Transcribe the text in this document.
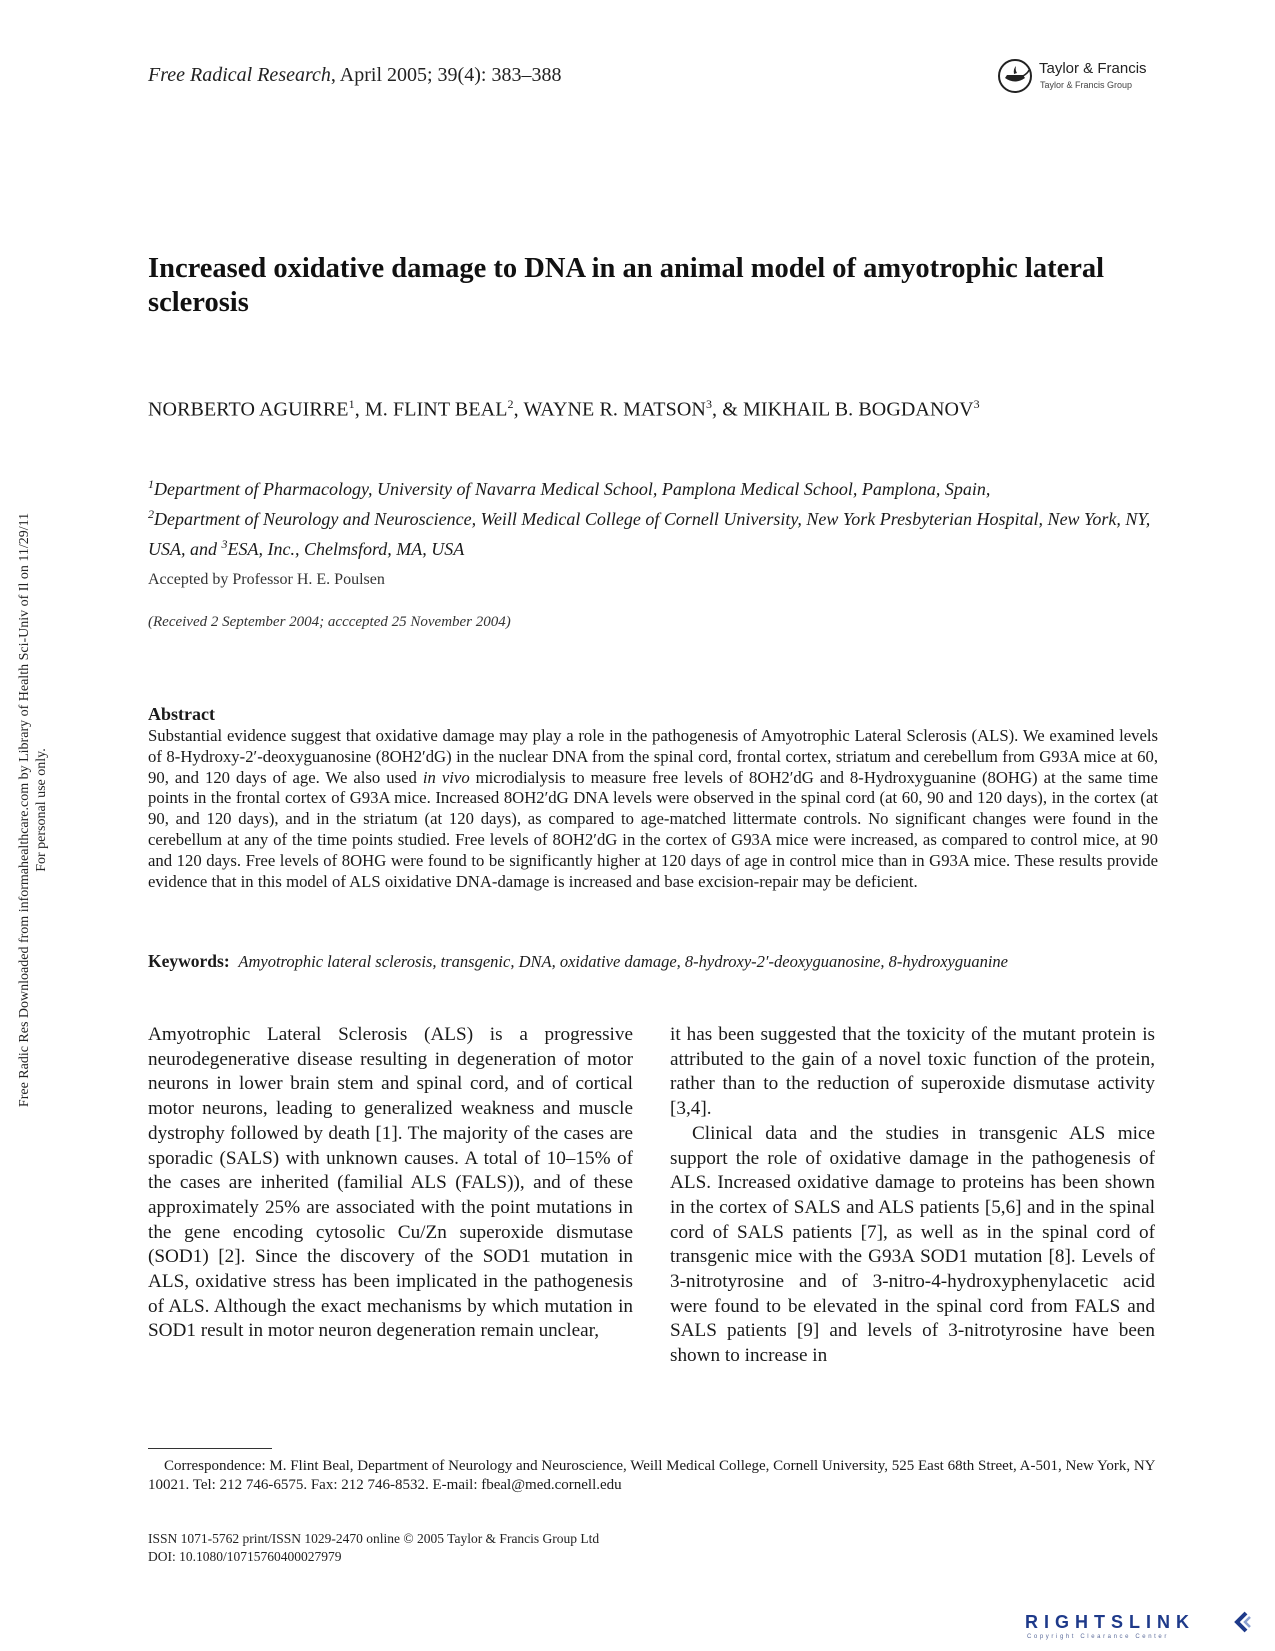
Free Radical Research, April 2005; 39(4): 383–388	Taylor & Francis
Taylor & Francis Group
Increased oxidative damage to DNA in an animal model of amyotrophic lateral sclerosis
NORBERTO AGUIRRE$^1$, M. FLINT BEAL$^2$, WAYNE R. MATSON$^3$, & MIKHAIL B. BOGDANOV$^3$
$^1$Department of Pharmacology, University of Navarra Medical School, Pamplona Medical School, Pamplona, Spain,
$^2$Department of Neurology and Neuroscience, Weill Medical College of Cornell University, New York Presbyterian Hospital, New York, NY, USA, and $^3$ESA, Inc., Chelmsford, MA, USA
Accepted by Professor H. E. Poulsen
(Received 2 September 2004; acccepted 25 November 2004)
Abstract
Substantial evidence suggest that oxidative damage may play a role in the pathogenesis of Amyotrophic Lateral Sclerosis (ALS). We examined levels of 8-Hydroxy-2′-deoxyguanosine (8OH2′dG) in the nuclear DNA from the spinal cord, frontal cortex, striatum and cerebellum from G93A mice at 60, 90, and 120 days of age. We also used in vivo microdialysis to measure free levels of 8OH2′dG and 8-Hydroxyguanine (8OHG) at the same time points in the frontal cortex of G93A mice. Increased 8OH2′dG DNA levels were observed in the spinal cord (at 60, 90 and 120 days), in the cortex (at 90, and 120 days), and in the striatum (at 120 days), as compared to age-matched littermate controls. No significant changes were found in the cerebellum at any of the time points studied. Free levels of 8OH2′dG in the cortex of G93A mice were increased, as compared to control mice, at 90 and 120 days. Free levels of 8OHG were found to be significantly higher at 120 days of age in control mice than in G93A mice. These results provide evidence that in this model of ALS oixidative DNA-damage is increased and base excision-repair may be deficient.
Keywords: Amyotrophic lateral sclerosis, transgenic, DNA, oxidative damage, 8-hydroxy-2′-deoxyguanosine, 8-hydroxyguanine

Amyotrophic Lateral Sclerosis (ALS) is a progressive neurodegenerative disease resulting in degeneration of motor neurons in lower brain stem and spinal cord, and of cortical motor neurons, leading to generalized weakness and muscle dystrophy followed by death [1]. The majority of the cases are sporadic (SALS) with unknown causes. A total of 10–15% of the cases are inherited (familial ALS (FALS)), and of these approximately 25% are associated with the point mutations in the gene encoding cytosolic Cu/Zn superoxide dismutase (SOD1) [2]. Since the discovery of the SOD1 mutation in ALS, oxidative stress has been implicated in the pathogenesis of ALS. Although the exact mechanisms by which mutation in SOD1 result in motor neuron degeneration remain unclear,

it has been suggested that the toxicity of the mutant protein is attributed to the gain of a novel toxic function of the protein, rather than to the reduction of superoxide dismutase activity [3,4].

Clinical data and the studies in transgenic ALS mice support the role of oxidative damage in the pathogenesis of ALS. Increased oxidative damage to proteins has been shown in the cortex of SALS and ALS patients [5,6] and in the spinal cord of SALS patients [7], as well as in the spinal cord of transgenic mice with the G93A SOD1 mutation [8]. Levels of 3-nitrotyrosine and of 3-nitro-4-hydroxyphenylacetic acid were found to be elevated in the spinal cord from FALS and SALS patients [9] and levels of 3-nitrotyrosine have been shown to increase in

Correspondence: M. Flint Beal, Department of Neurology and Neuroscience, Weill Medical College, Cornell University, 525 East 68th Street, A-501, New York, NY 10021. Tel: 212 746-6575. Fax: 212 746-8532. E-mail: fbeal@med.cornell.edu
ISSN 1071-5762 print/ISSN 1029-2470 online © 2005 Taylor & Francis Group Ltd
DOI: 10.1080/10715760400027979
Free Radic Res Downloaded from informahealthcare.com by Library of Health Sci-Univ of Il on 11/29/11 For personal use only.
RIGHTSLINK
Copyright Clearance Center
